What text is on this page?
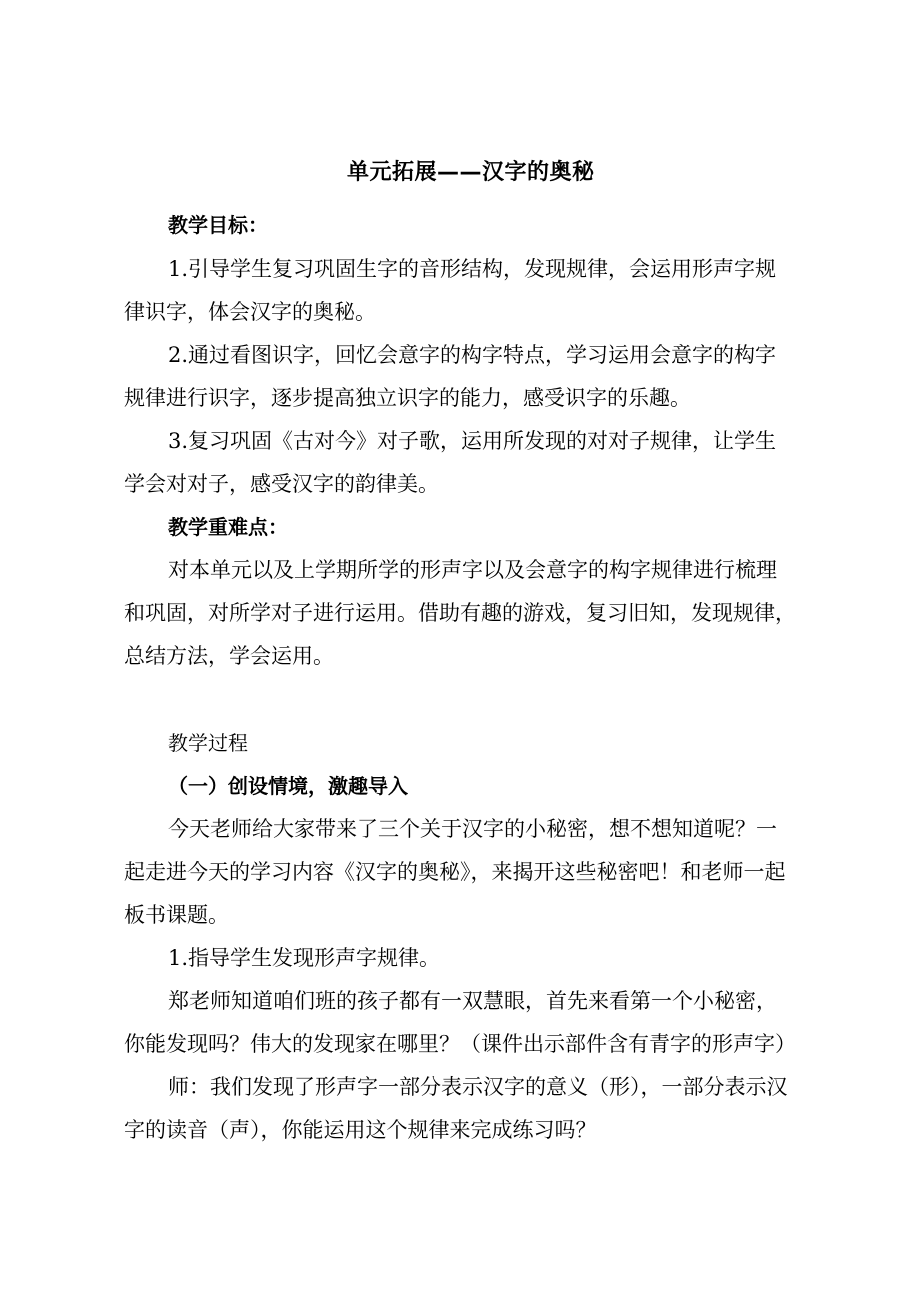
单元拓展——汉字的奥秘
教学目标：
1.引导学生复习巩固生字的音形结构，发现规律，会运用形声字规
律识字，体会汉字的奥秘。
2.通过看图识字，回忆会意字的构字特点，学习运用会意字的构字
规律进行识字，逐步提高独立识字的能力，感受识字的乐趣。
3.复习巩固《古对今》对子歌，运用所发现的对对子规律，让学生
学会对对子，感受汉字的韵律美。
教学重难点：
对本单元以及上学期所学的形声字以及会意字的构字规律进行梳理
和巩固，对所学对子进行运用。借助有趣的游戏，复习旧知，发现规律，
总结方法，学会运用。
教学过程
（一）创设情境，激趣导入
今天老师给大家带来了三个关于汉字的小秘密，想不想知道呢？一
起走进今天的学习内容《汉字的奥秘》，来揭开这些秘密吧！和老师一起
板书课题。
1.指导学生发现形声字规律。
郑老师知道咱们班的孩子都有一双慧眼，首先来看第一个小秘密，
你能发现吗？伟大的发现家在哪里？（课件出示部件含有青字的形声字）
师：我们发现了形声字一部分表示汉字的意义（形），一部分表示汉
字的读音（声），你能运用这个规律来完成练习吗？
